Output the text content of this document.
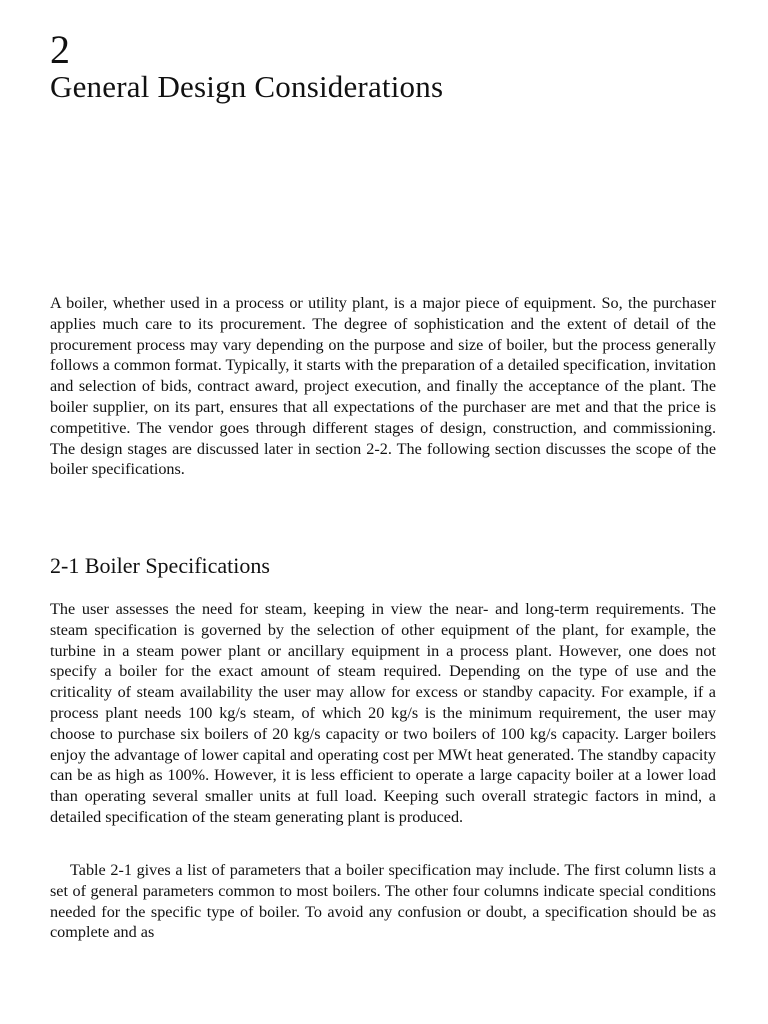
2
General Design Considerations

A boiler, whether used in a process or utility plant, is a major piece of equipment. So, the purchaser applies much care to its procurement. The degree of sophistication and the extent of detail of the procurement process may vary depending on the purpose and size of boiler, but the process generally follows a common format. Typically, it starts with the preparation of a detailed specification, invitation and selection of bids, contract award, project execution, and finally the acceptance of the plant. The boiler supplier, on its part, ensures that all expectations of the purchaser are met and that the price is competitive. The vendor goes through different stages of design, construction, and commissioning. The design stages are discussed later in section 2-2. The following section discusses the scope of the boiler specifications.

2-1 Boiler Specifications

The user assesses the need for steam, keeping in view the near- and long-term requirements. The steam specification is governed by the selection of other equipment of the plant, for example, the turbine in a steam power plant or ancillary equipment in a process plant. However, one does not specify a boiler for the exact amount of steam required. Depending on the type of use and the criticality of steam availability the user may allow for excess or standby capacity. For example, if a process plant needs 100 kg/s steam, of which 20 kg/s is the minimum requirement, the user may choose to purchase six boilers of 20 kg/s capacity or two boilers of 100 kg/s capacity. Larger boilers enjoy the advantage of lower capital and operating cost per MWt heat generated. The standby capacity can be as high as 100%. However, it is less efficient to operate a large capacity boiler at a lower load than operating several smaller units at full load. Keeping such overall strategic factors in mind, a detailed specification of the steam generating plant is produced.

Table 2-1 gives a list of parameters that a boiler specification may include. The first column lists a set of general parameters common to most boilers. The other four columns indicate special conditions needed for the specific type of boiler. To avoid any confusion or doubt, a specification should be as complete and as
